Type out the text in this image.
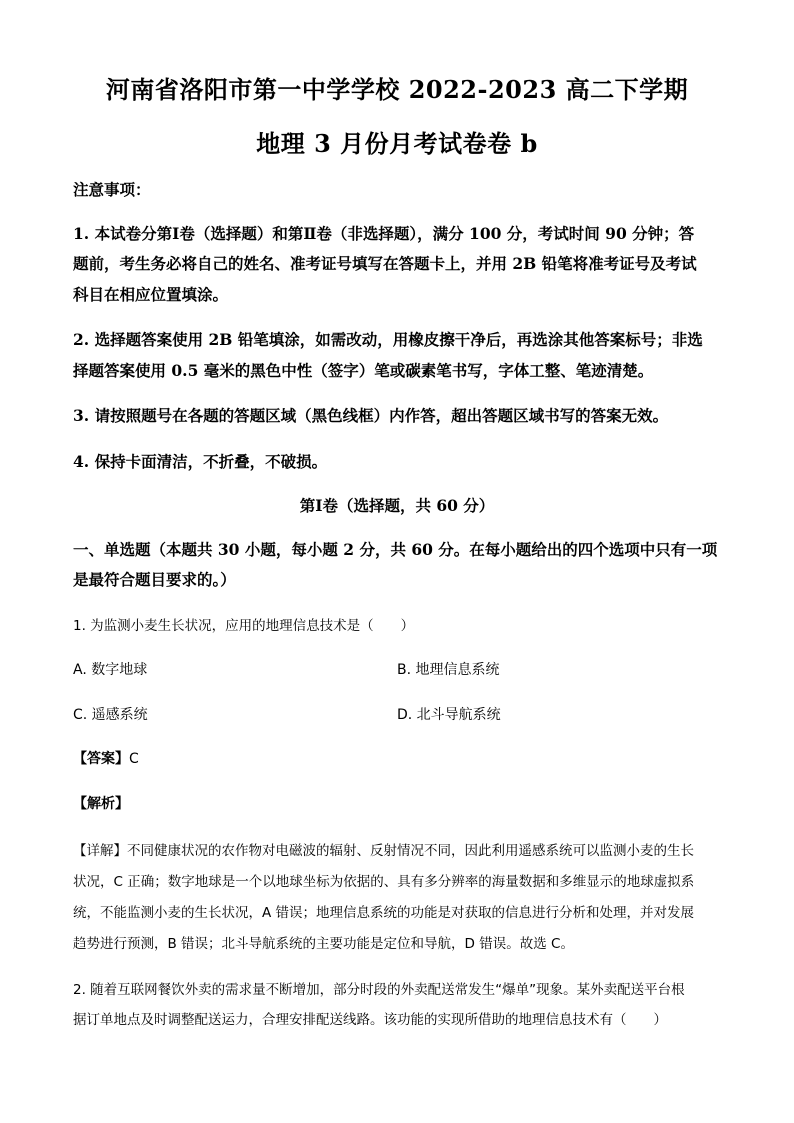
河南省洛阳市第一中学学校 2022-2023 高二下学期
地理 3 月份月考试卷卷 b
注意事项：
1. 本试卷分第Ⅰ卷（选择题）和第Ⅱ卷（非选择题），满分 100 分，考试时间 90 分钟；答
题前，考生务必将自己的姓名、准考证号填写在答题卡上，并用 2B 铅笔将准考证号及考试
科目在相应位置填涂。
2. 选择题答案使用 2B 铅笔填涂，如需改动，用橡皮擦干净后，再选涂其他答案标号；非选
择题答案使用 0.5 毫米的黑色中性（签字）笔或碳素笔书写，字体工整、笔迹清楚。
3. 请按照题号在各题的答题区域（黑色线框）内作答，超出答题区域书写的答案无效。
4. 保持卡面清洁，不折叠，不破损。
第Ⅰ卷（选择题，共 60 分）
一、单选题（本题共 30 小题，每小题 2 分，共 60 分。在每小题给出的四个选项中只有一项
是最符合题目要求的。）
1. 为监测小麦生长状况，应用的地理信息技术是（　　）
A. 数字地球	B. 地理信息系统
C. 遥感系统	D. 北斗导航系统
【答案】C
【解析】
【详解】不同健康状况的农作物对电磁波的辐射、反射情况不同，因此利用遥感系统可以监测小麦的生长
状况，C 正确；数字地球是一个以地球坐标为依据的、具有多分辨率的海量数据和多维显示的地球虚拟系
统，不能监测小麦的生长状况，A 错误；地理信息系统的功能是对获取的信息进行分析和处理，并对发展
趋势进行预测，B 错误；北斗导航系统的主要功能是定位和导航，D 错误。故选 C。
2. 随着互联网餐饮外卖的需求量不断增加，部分时段的外卖配送常发生“爆单”现象。某外卖配送平台根
据订单地点及时调整配送运力，合理安排配送线路。该功能的实现所借助的地理信息技术有（　　）
